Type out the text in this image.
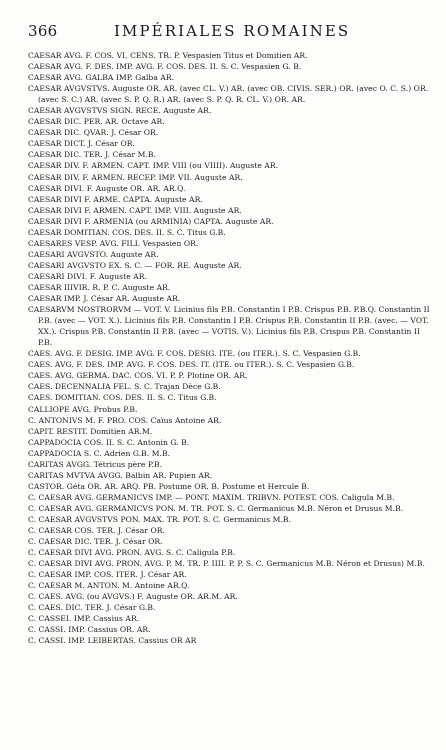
366	IMPÉRIALES ROMAINES
CAESAR AVG. F. COS. VI. CENS. TR. P. Vespasien Titus et Domitien AR.
CAESAR AVG. F. DES. IMP. AVG. F. COS. DES. II. S. C. Vespasien G. B.
CAESAR AVG. GALBA IMP. Galba AR.
CAESAR AVGVSTVS. Auguste OR. AR. (avec CL. V.) AR. (avec OB. CIVIS. SER.) OR. (avec O. C. S.) OR. (avec S. C.) AR. (avec S. P. Q. R.) AR. (avec S. P. Q. R. CL. V.) OR. AR.
CAESAR AVGVSTVS SIGN. RECE. Auguste AR.
CAESAR DIC. PER. AR. Octave AR.
CAESAR DIC. QVAR. J. César OR.
CAESAR DICT. J. César OR.
CAESAR DIC. TER. J. César M.B.
CAESAR DIV. F. ARMEN. CAPT. IMP. VIII (ou VIIII). Auguste AR.
CAESAR DIV. F. ARMEN. RECEP. IMP. VII. Auguste AR.
CAESAR DIVI. F. Auguste OR. AR. AR.Q.
CAESAR DIVI F. ARME. CAPTA. Auguste AR.
CAESAR DIVI F. ARMEN. CAPT. IMP. VIII. Auguste AR.
CAESAR DIVI F. ARMENIA (ou ARMINIA) CAPTA. Auguste AR.
CAESAR DOMITIAN. COS. DES. II. S. C. Titus G.B.
CAESARES VESP. AVG. FILI. Vespasien OR.
CAESARI AVGVSTO. Auguste AR.
CAESARI AVGVSTO EX. S. C. — FOR. RE. Auguste AR.
CAESARI DIVI. F. Auguste AR.
CAESAR IIIVIR. R. P. C. Auguste AR.
CAESAR IMP. J. César AR. Auguste AR.
CAESARVM NOSTRORVM — VOT. V. Licinius fils P.B. Constantin I P.B. Crispus P.B. P.B.Q. Constantin II P.B. (avec — VOT. X.). Licinius fils P.B. Constantin I P.B. Crispus P.B. Constantin II P.B. (avec. — VOT. XX.). Crispus P.B. Constantin II P.B. (avec — VOTIS. V.). Licinius fils P.B. Crispus P.B. Constantin II P.B.
CAES. AVG. F. DESIG. IMP. AVG. F. COS. DESIG. ITE. (ou ITER.). S. C. Vespasien G.B.
CAES. AVG. F. DES. IMP. AVG. F. COS. DES. IT. (ITE. ou ITER.). S. C. Vespasien G.B.
CAES. AVG. GERMA. DAC. COS. VI. P. P. Plotine OR. AR.
CAES. DECENNALIA FEL. S. C. Trajan Dèce G.B.
CAES. DOMITIAN. COS. DES. II. S. C. Titus G.B.
CALLIOPE AVG. Probus P.B.
C. ANTONIVS M. F. PRO. COS. Caïus Antoine AR.
CAPIT. RESTIT. Domitien AR.M.
CAPPADOCIA COS. II. S. C. Antonin G. B.
CAPPADOCIA S. C. Adrien G.B. M.B.
CARITAS AVGG. Tétricus père P.B.
CARITAS MVTVA AVGG. Balbin AR. Pupien AR.
CASTOR. Géta OR. AR. ARQ. PB. Postume OR. B. Postume et Hercule B.
C. CAESAR AVG. GERMANICVS IMP. — PONT. MAXIM. TRIBVN. POTEST. COS. Caligula M.B.
C. CAESAR AVG. GERMANICVS PON. M. TR. POT. S. C. Germanicus M.B. Néron et Drusus M.B.
C. CAESAR AVGVSTVS PON. MAX. TR. POT. S. C. Germanicus M.B.
C. CAESAR COS. TER. J. César OR.
C. CAESAR DIC. TER. J. César OR.
C. CAESAR DIVI AVG. PRON. AVG. S. C. Caligula P.B.
C. CAESAR DIVI AVG. PRON. AVG. P. M. TR. P. IIII. P. P. S. C. Germanicus M.B. Néron et Drusus) M.B.
C. CAESAR IMP. COS. ITER. J. César AR.
C. CAESAR M. ANTON. M. Antoine AR.Q.
C. CAES. AVG. (ou AVGVS.) F. Auguste OR. AR.M. AR.
C. CAES. DIC. TER. J. César G.B.
C. CASSEI. IMP. Cassius AR.
C. CASSI. IMP. Cassius OR. AR.
C. CASSI. IMP. LEIBERTAS. Cassius OR AR
